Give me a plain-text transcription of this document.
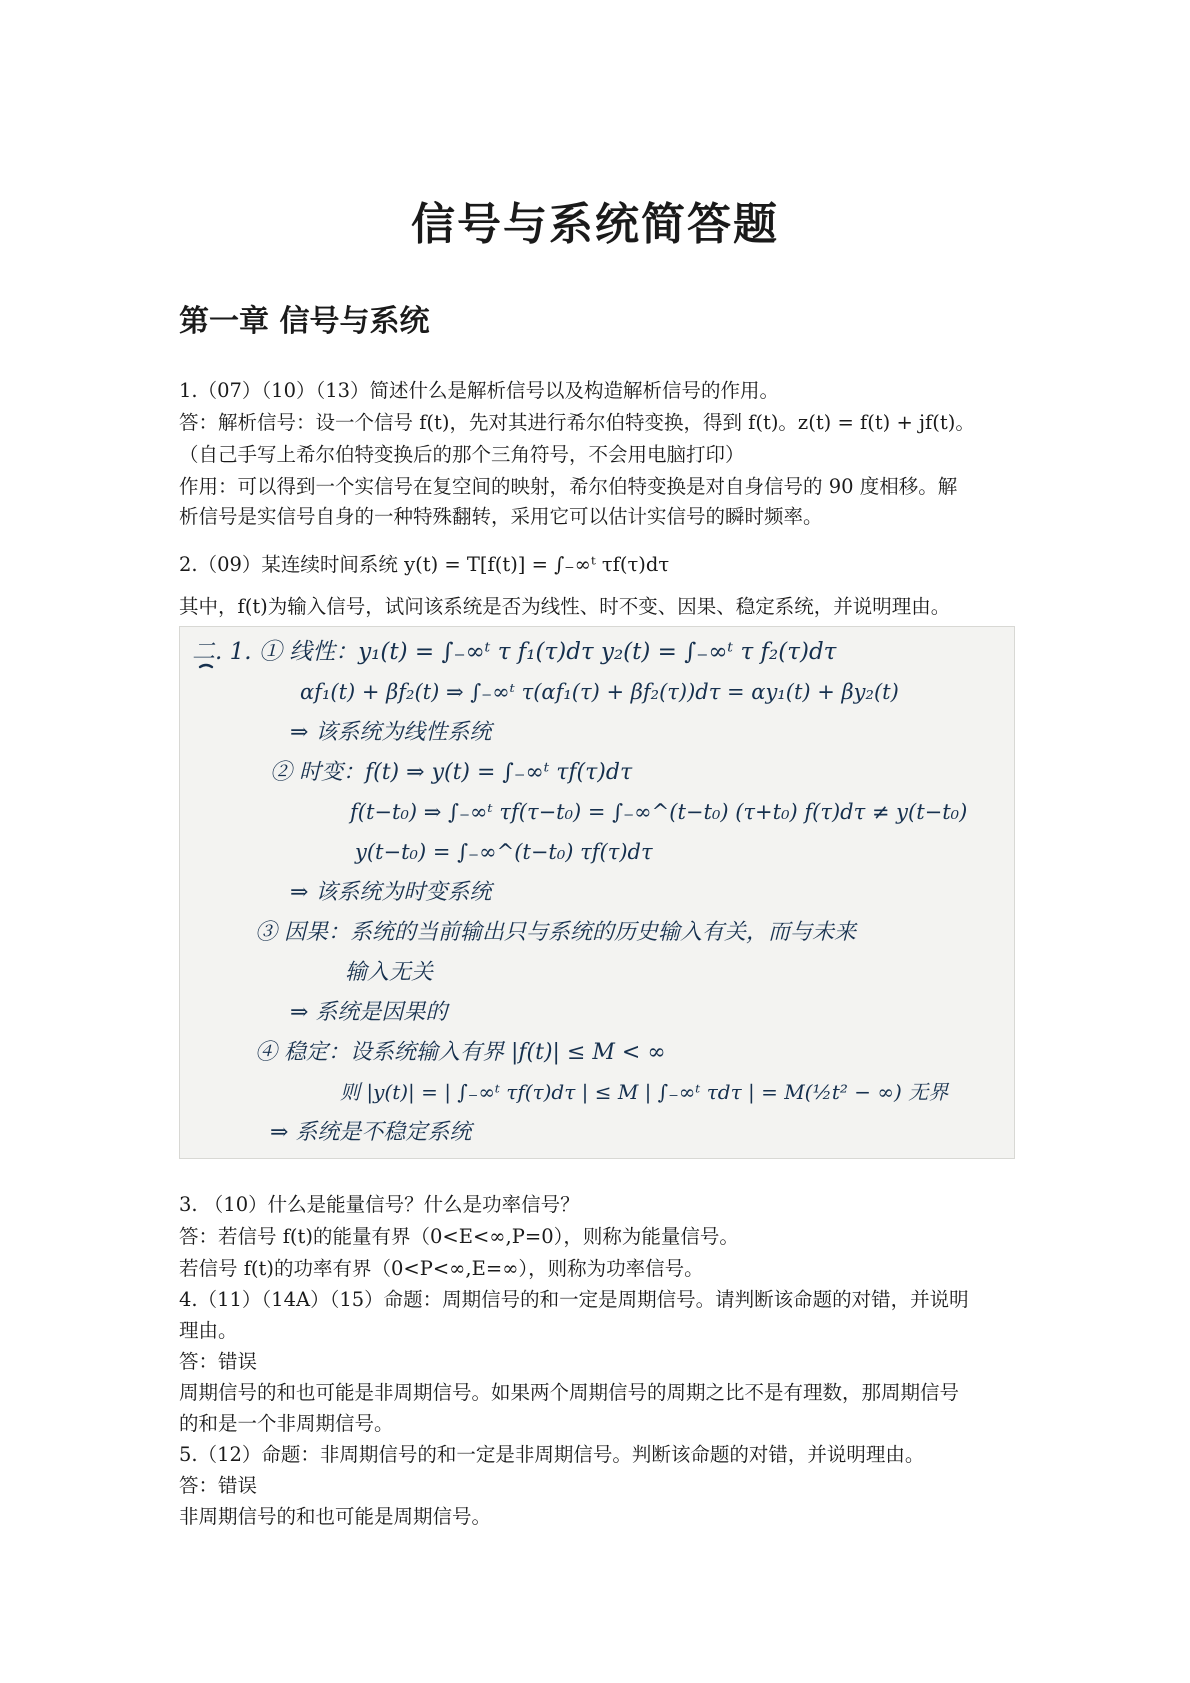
信号与系统简答题
第一章 信号与系统
1.（07）（10）（13）简述什么是解析信号以及构造解析信号的作用。
答：解析信号：设一个信号 f(t)，先对其进行希尔伯特变换，得到 f(t)。z(t) = f(t) + jf(t)。
（自己手写上希尔伯特变换后的那个三角符号，不会用电脑打印）
作用：可以得到一个实信号在复空间的映射，希尔伯特变换是对自身信号的 90 度相移。解
析信号是实信号自身的一种特殊翻转，采用它可以估计实信号的瞬时频率。
2.（09）某连续时间系统 y(t) = T[f(t)] = ∫₋∞ᵗ τf(τ)dτ
其中，f(t)为输入信号，试问该系统是否为线性、时不变、因果、稳定系统，并说明理由。
二. 1. ① 线性：y₁(t) = ∫₋∞ᵗ τ f₁(τ)dτ y₂(t) = ∫₋∞ᵗ τ f₂(τ)dτ
αf₁(t) + βf₂(t) ⇒ ∫₋∞ᵗ τ(αf₁(τ) + βf₂(τ))dτ = αy₁(t) + βy₂(t)
⇒ 该系统为线性系统
② 时变：f(t) ⇒ y(t) = ∫₋∞ᵗ τf(τ)dτ
f(t−t₀) ⇒ ∫₋∞ᵗ τf(τ−t₀) = ∫₋∞^(t−t₀) (τ+t₀) f(τ)dτ ≠ y(t−t₀)
y(t−t₀) = ∫₋∞^(t−t₀) τf(τ)dτ
⇒ 该系统为时变系统
③ 因果：系统的当前输出只与系统的历史输入有关，而与未来
输入无关
⇒ 系统是因果的
④ 稳定：设系统输入有界 |f(t)| ≤ M < ∞
则 |y(t)| = | ∫₋∞ᵗ τf(τ)dτ | ≤ M | ∫₋∞ᵗ τdτ | = M(½t² − ∞) 无界
⇒ 系统是不稳定系统
3. （10）什么是能量信号？什么是功率信号？
答：若信号 f(t)的能量有界（0<E<∞,P=0），则称为能量信号。
若信号 f(t)的功率有界（0<P<∞,E=∞），则称为功率信号。
4.（11）（14A）（15）命题：周期信号的和一定是周期信号。请判断该命题的对错，并说明
理由。
答：错误
周期信号的和也可能是非周期信号。如果两个周期信号的周期之比不是有理数，那周期信号
的和是一个非周期信号。
5.（12）命题：非周期信号的和一定是非周期信号。判断该命题的对错，并说明理由。
答：错误
非周期信号的和也可能是周期信号。
